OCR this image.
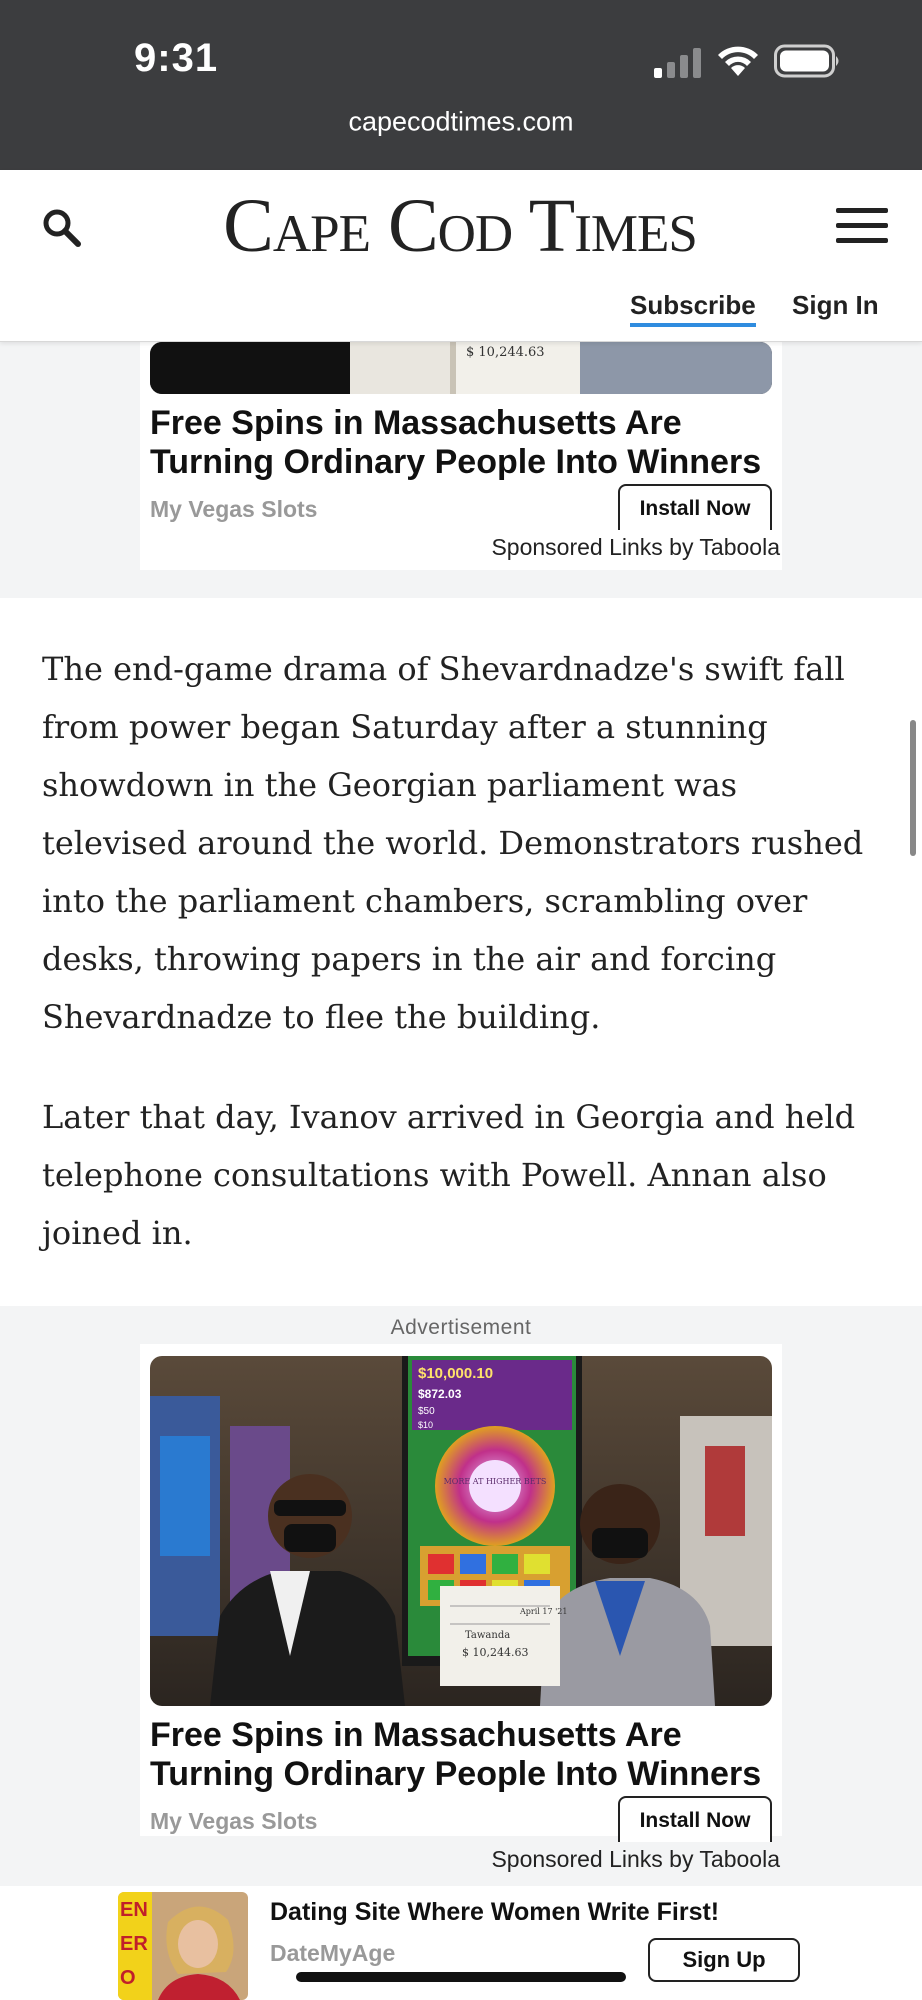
9:31
capecodtimes.com
Cape Cod Times
Subscribe Sign In
$ 10,244.63
Free Spins in Massachusetts Are Turning Ordinary People Into Winners
My Vegas Slots	Install Now
Sponsored Links by Taboola

The end-game drama of Shevardnadze's swift fall from power began Saturday after a stunning showdown in the Georgian parliament was televised around the world. Demonstrators rushed into the parliament chambers, scrambling over desks, throwing papers in the air and forcing Shevardnadze to flee the building.

Later that day, Ivanov arrived in Georgia and held telephone consultations with Powell. Annan also joined in.

Advertisement
$10,000.10
$872.03
$50
$10
MORE AT HIGHER BETS
April 17 '21
Tawanda
$ 10,244.63
Free Spins in Massachusetts Are Turning Ordinary People Into Winners
My Vegas Slots	Install Now
Sponsored Links by Taboola
EN
ER
O
Dating Site Where Women Write First!
DateMyAge	Sign Up
